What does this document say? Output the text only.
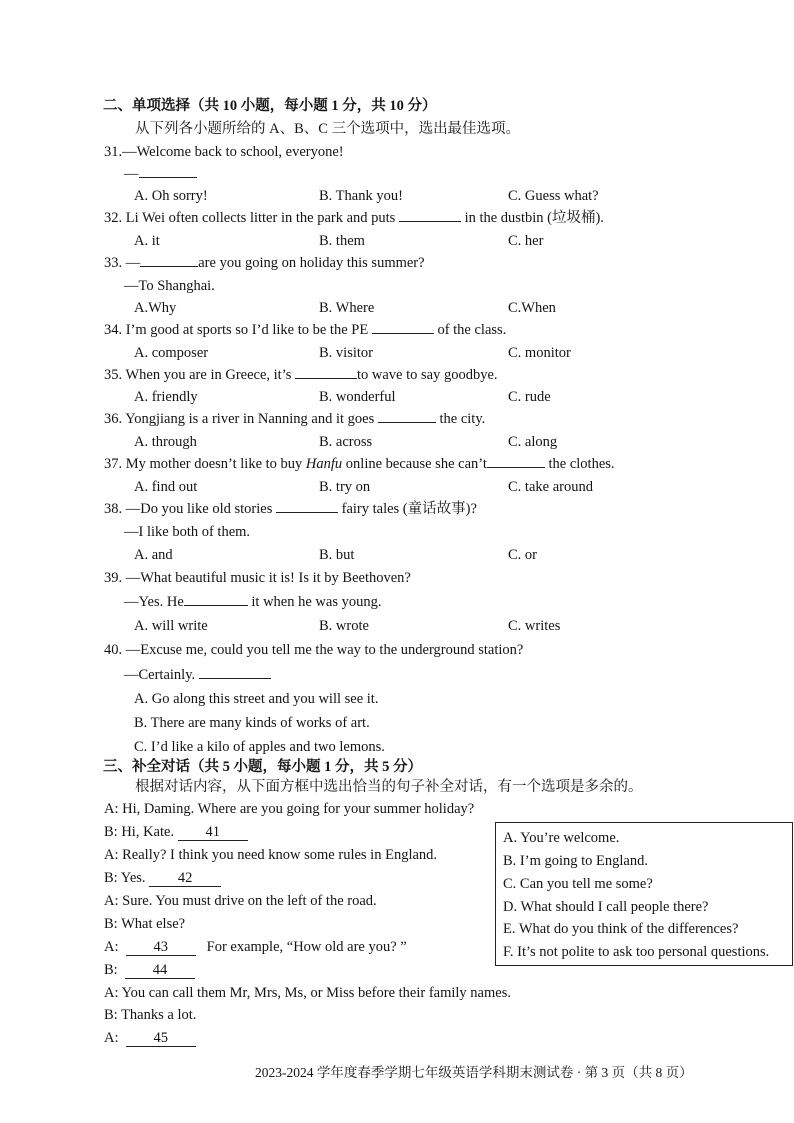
二、单项选择（共 10 小题，每小题 1 分，共 10 分）
从下列各小题所给的 A、B、C 三个选项中，选出最佳选项。
31.—Welcome back to school, everyone!
—
A. Oh sorry!	B. Thank you!	C. Guess what?
32. Li Wei often collects litter in the park and puts	in the dustbin (垃圾桶).
A. it	B. them	C. her
33. —	are you going on holiday this summer?
—To Shanghai.
A.Why	B. Where	C.When
34. I’m good at sports so I’d like to be the PE	of the class.
A. composer	B. visitor	C. monitor
35. When you are in Greece, it’s	to wave to say goodbye.
A. friendly	B. wonderful	C. rude
36. Yongjiang is a river in Nanning and it goes	the city.
A. through	B. across	C. along
37. My mother doesn’t like to buy Hanfu online because she can’t	the clothes.
A. find out	B. try on	C. take around
38. —Do you like old stories	fairy tales (童话故事)?
—I like both of them.
A. and	B. but	C. or
39. —What beautiful music it is! Is it by Beethoven?
—Yes. He	it when he was young.
A. will write	B. wrote	C. writes
40. —Excuse me, could you tell me the way to the underground station?
—Certainly.
A. Go along this street and you will see it.
B. There are many kinds of works of art.
C. I’d like a kilo of apples and two lemons.
三、补全对话（共 5 小题，每小题 1 分，共 5 分）
根据对话内容，从下面方框中选出恰当的句子补全对话，有一个选项是多余的。
A: Hi, Daming. Where are you going for your summer holiday?
B: Hi, Kate. 41
A: Really? I think you need know some rules in England.
B: Yes. 42
A: Sure. You must drive on the left of the road.
B: What else?
A: 43	For example, “How old are you? ”
B: 44
A: You can call them Mr, Mrs, Ms, or Miss before their family names.
B: Thanks a lot.
A: 45
A. You’re welcome.
B. I’m going to England.
C. Can you tell me some?
D. What should I call people there?
E. What do you think of the differences?
F. It’s not polite to ask too personal questions.
2023-2024 学年度春季学期七年级英语学科期末测试卷 · 第 3 页（共 8 页）
